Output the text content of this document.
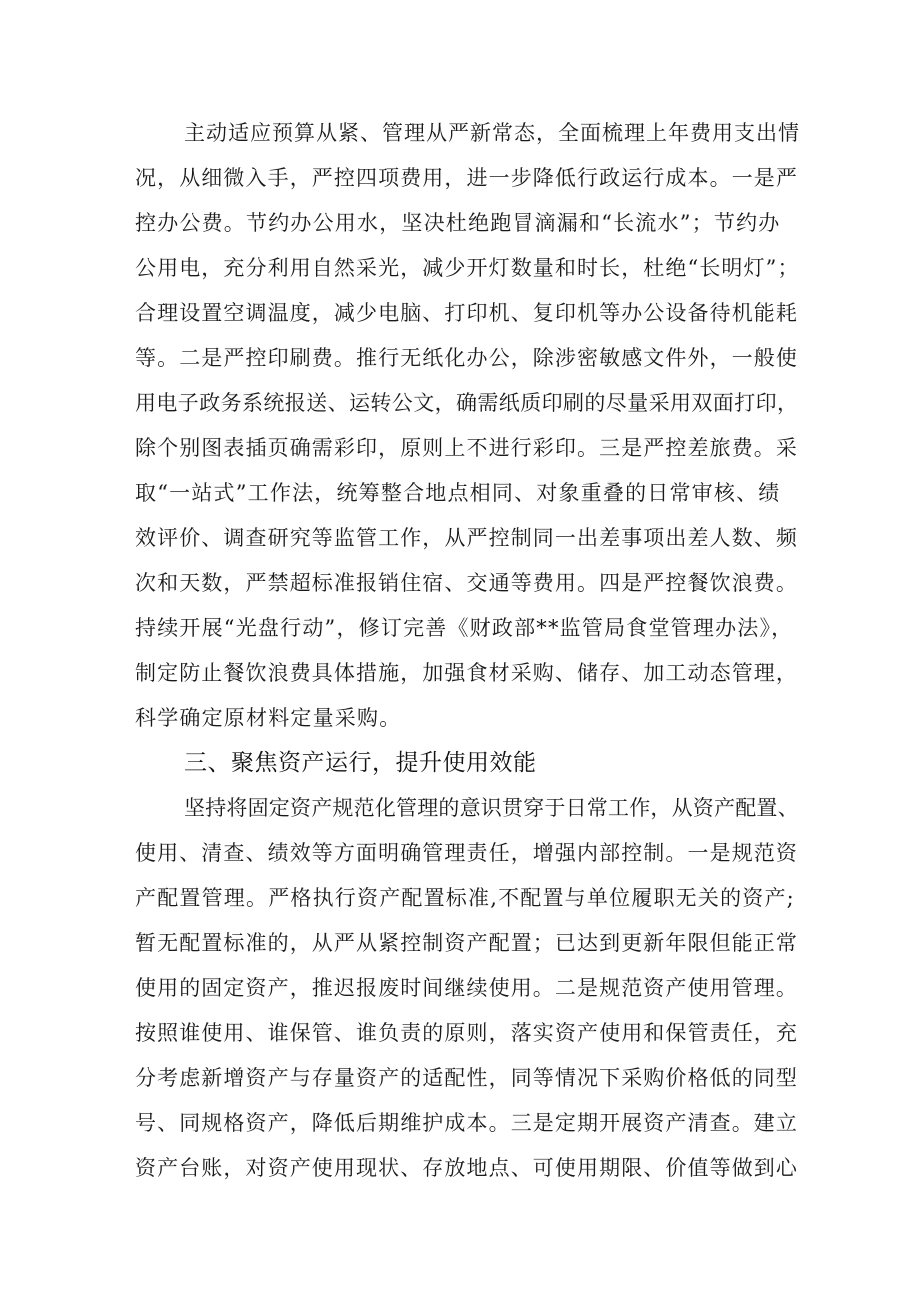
主动适应预算从紧、管理从严新常态，全面梳理上年费用支出情
况，从细微入手，严控四项费用，进一步降低行政运行成本。一是严
控办公费。节约办公用水，坚决杜绝跑冒滴漏和“长流水”；节约办
公用电，充分利用自然采光，减少开灯数量和时长，杜绝“长明灯”；
合理设置空调温度，减少电脑、打印机、复印机等办公设备待机能耗
等。二是严控印刷费。推行无纸化办公，除涉密敏感文件外，一般使
用电子政务系统报送、运转公文，确需纸质印刷的尽量采用双面打印，
除个别图表插页确需彩印，原则上不进行彩印。三是严控差旅费。采
取“一站式”工作法，统筹整合地点相同、对象重叠的日常审核、绩
效评价、调查研究等监管工作，从严控制同一出差事项出差人数、频
次和天数，严禁超标准报销住宿、交通等费用。四是严控餐饮浪费。
持续开展“光盘行动”，修订完善《财政部**监管局食堂管理办法》，
制定防止餐饮浪费具体措施，加强食材采购、储存、加工动态管理，
科学确定原材料定量采购。
三、聚焦资产运行，提升使用效能
坚持将固定资产规范化管理的意识贯穿于日常工作，从资产配置、
使用、清查、绩效等方面明确管理责任，增强内部控制。一是规范资
产配置管理。严格执行资产配置标准,不配置与单位履职无关的资产;
暂无配置标准的，从严从紧控制资产配置；已达到更新年限但能正常
使用的固定资产，推迟报废时间继续使用。二是规范资产使用管理。
按照谁使用、谁保管、谁负责的原则，落实资产使用和保管责任，充
分考虑新增资产与存量资产的适配性，同等情况下采购价格低的同型
号、同规格资产，降低后期维护成本。三是定期开展资产清查。建立
资产台账，对资产使用现状、存放地点、可使用期限、价值等做到心
